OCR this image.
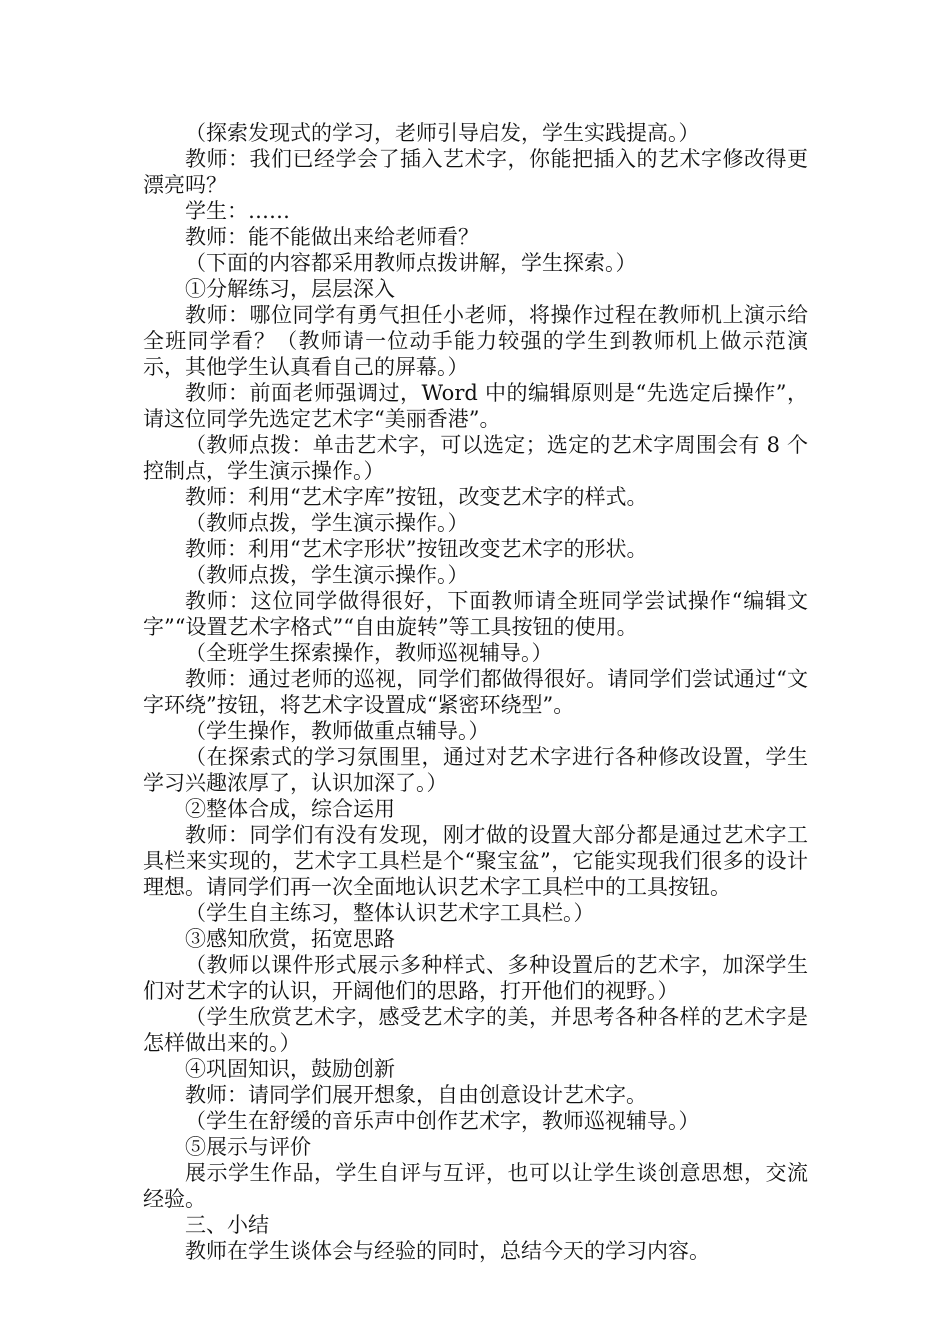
（探索发现式的学习，老师引导启发，学生实践提高。）

教师：我们已经学会了插入艺术字，你能把插入的艺术字修改得更漂亮吗？

学生：……

教师：能不能做出来给老师看？

（下面的内容都采用教师点拨讲解，学生探索。）

①分解练习，层层深入

教师：哪位同学有勇气担任小老师，将操作过程在教师机上演示给全班同学看？（教师请一位动手能力较强的学生到教师机上做示范演示，其他学生认真看自己的屏幕。）

教师：前面老师强调过，Word 中的编辑原则是“先选定后操作”，请这位同学先选定艺术字“美丽香港”。

（教师点拨：单击艺术字，可以选定；选定的艺术字周围会有 8 个控制点，学生演示操作。）

教师：利用“艺术字库”按钮，改变艺术字的样式。

（教师点拨，学生演示操作。）

教师：利用“艺术字形状”按钮改变艺术字的形状。

（教师点拨，学生演示操作。）

教师：这位同学做得很好，下面教师请全班同学尝试操作“编辑文字”“设置艺术字格式”“自由旋转”等工具按钮的使用。

（全班学生探索操作，教师巡视辅导。）

教师：通过老师的巡视，同学们都做得很好。请同学们尝试通过“文字环绕”按钮，将艺术字设置成“紧密环绕型”。

（学生操作，教师做重点辅导。）

（在探索式的学习氛围里，通过对艺术字进行各种修改设置，学生学习兴趣浓厚了，认识加深了。）

②整体合成，综合运用

教师：同学们有没有发现，刚才做的设置大部分都是通过艺术字工具栏来实现的，艺术字工具栏是个“聚宝盆”，它能实现我们很多的设计理想。请同学们再一次全面地认识艺术字工具栏中的工具按钮。

（学生自主练习，整体认识艺术字工具栏。）

③感知欣赏，拓宽思路

（教师以课件形式展示多种样式、多种设置后的艺术字，加深学生们对艺术字的认识，开阔他们的思路，打开他们的视野。）

（学生欣赏艺术字，感受艺术字的美，并思考各种各样的艺术字是怎样做出来的。）

④巩固知识，鼓励创新

教师：请同学们展开想象，自由创意设计艺术字。

（学生在舒缓的音乐声中创作艺术字，教师巡视辅导。）

⑤展示与评价

展示学生作品，学生自评与互评，也可以让学生谈创意思想，交流经验。

三、小结

教师在学生谈体会与经验的同时，总结今天的学习内容。
